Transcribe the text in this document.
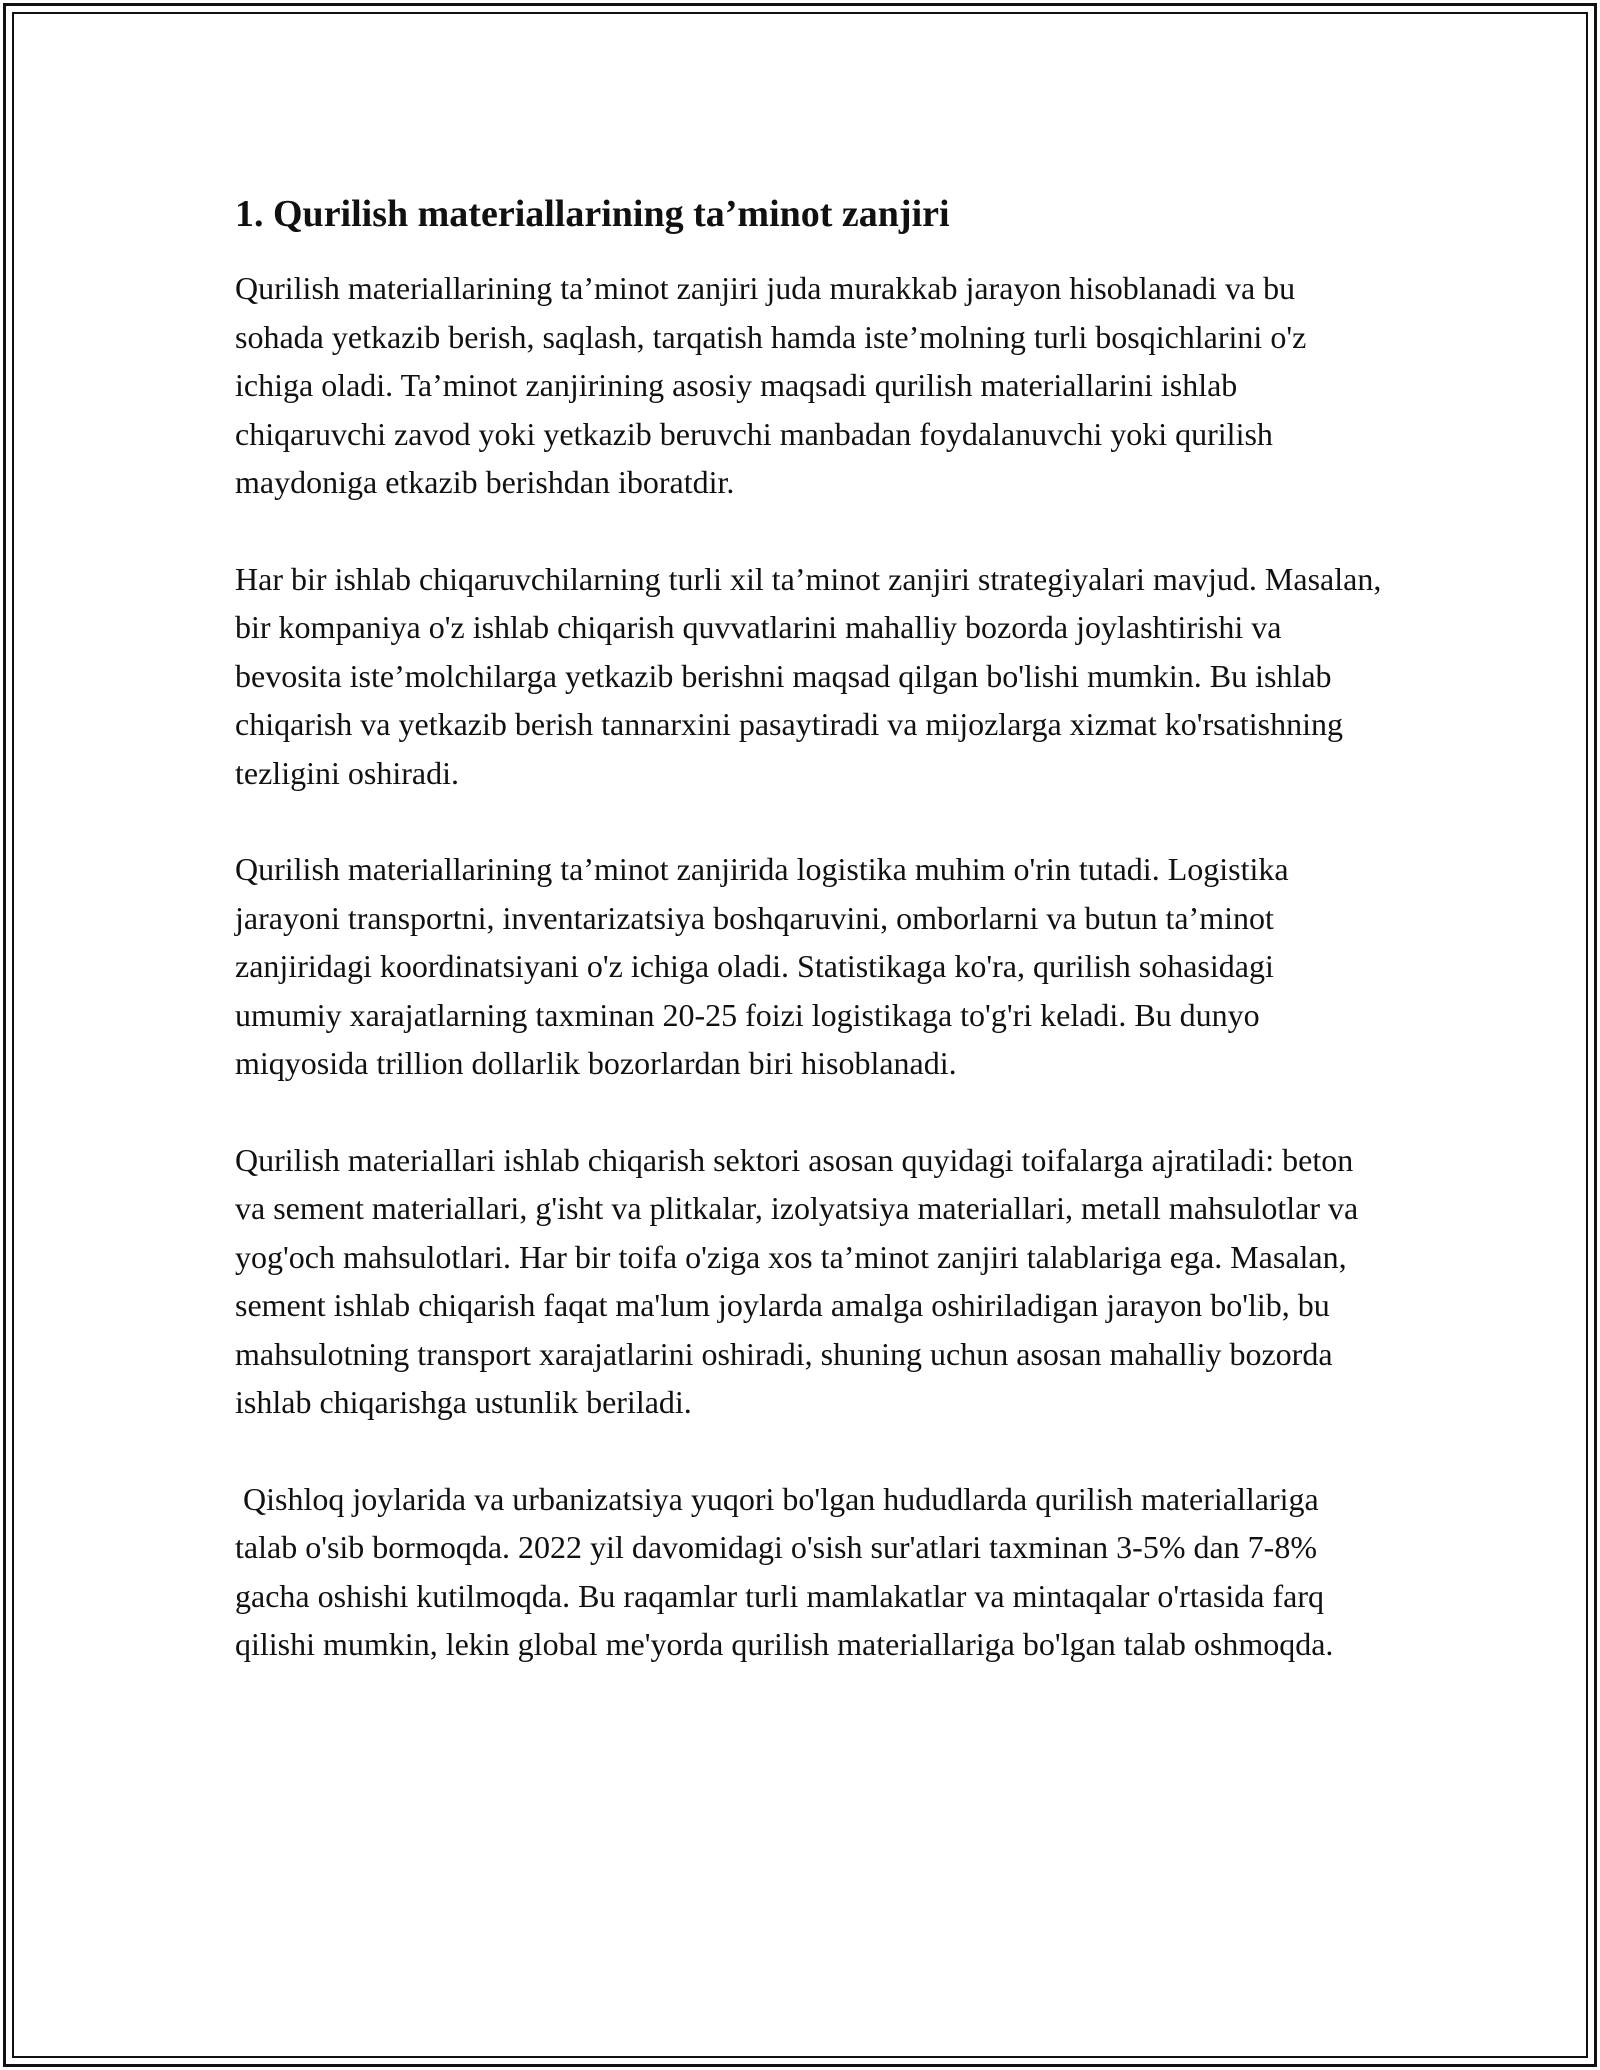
1. Qurilish materiallarining ta’minot zanjiri

Qurilish materiallarining ta’minot zanjiri juda murakkab jarayon hisoblanadi va bu sohada yetkazib berish, saqlash, tarqatish hamda iste’molning turli bosqichlarini o'z ichiga oladi. Ta’minot zanjirining asosiy maqsadi qurilish materiallarini ishlab chiqaruvchi zavod yoki yetkazib beruvchi manbadan foydalanuvchi yoki qurilish maydoniga etkazib berishdan iboratdir.

Har bir ishlab chiqaruvchilarning turli xil ta’minot zanjiri strategiyalari mavjud. Masalan, bir kompaniya o'z ishlab chiqarish quvvatlarini mahalliy bozorda joylashtirishi va bevosita iste’molchilarga yetkazib berishni maqsad qilgan bo'lishi mumkin. Bu ishlab chiqarish va yetkazib berish tannarxini pasaytiradi va mijozlarga xizmat ko'rsatishning tezligini oshiradi.

Qurilish materiallarining ta’minot zanjirida logistika muhim o'rin tutadi. Logistika jarayoni transportni, inventarizatsiya boshqaruvini, omborlarni va butun ta’minot zanjiridagi koordinatsiyani o'z ichiga oladi. Statistikaga ko'ra, qurilish sohasidagi umumiy xarajatlarning taxminan 20-25 foizi logistikaga to'g'ri keladi. Bu dunyo miqyosida trillion dollarlik bozorlardan biri hisoblanadi.

Qurilish materiallari ishlab chiqarish sektori asosan quyidagi toifalarga ajratiladi: beton va sement materiallari, g'isht va plitkalar, izolyatsiya materiallari, metall mahsulotlar va yog'och mahsulotlari. Har bir toifa o'ziga xos ta’minot zanjiri talablariga ega. Masalan, sement ishlab chiqarish faqat ma'lum joylarda amalga oshiriladigan jarayon bo'lib, bu mahsulotning transport xarajatlarini oshiradi, shuning uchun asosan mahalliy bozorda ishlab chiqarishga ustunlik beriladi.

Qishloq joylarida va urbanizatsiya yuqori bo'lgan hududlarda qurilish materiallariga talab o'sib bormoqda. 2022 yil davomidagi o'sish sur'atlari taxminan 3-5% dan 7-8% gacha oshishi kutilmoqda. Bu raqamlar turli mamlakatlar va mintaqalar o'rtasida farq qilishi mumkin, lekin global me'yorda qurilish materiallariga bo'lgan talab oshmoqda.
